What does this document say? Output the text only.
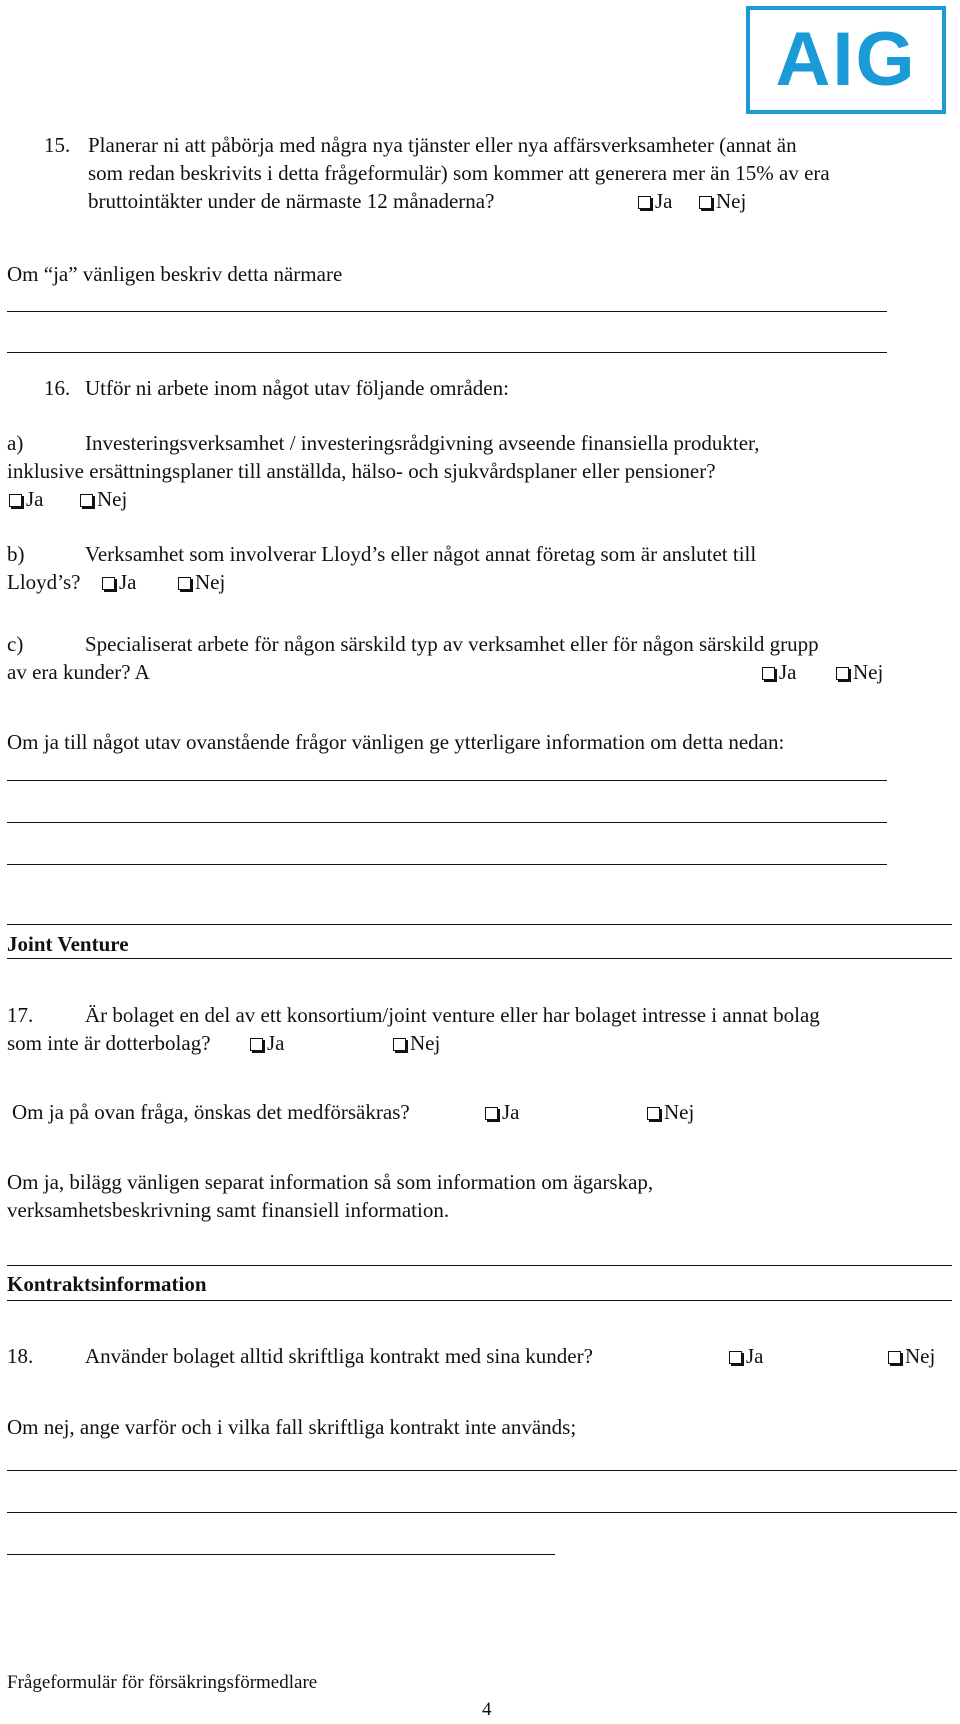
AIG
15. Planerar ni att påbörja med några nya tjänster eller nya affärsverksamheter (annat än
som redan beskrivits i detta frågeformulär) som kommer att generera mer än 15% av era
bruttointäkter under de närmaste 12 månaderna?	Ja	Nej
Om “ja” vänligen beskriv detta närmare
16. Utför ni arbete inom något utav följande områden:
a)	Investeringsverksamhet / investeringsrådgivning avseende finansiella produkter,
inklusive ersättningsplaner till anställda, hälso- och sjukvårdsplaner eller pensioner?
Ja	Nej
b)	Verksamhet som involverar Lloyd’s eller något annat företag som är anslutet till
Lloyd’s?	Ja	Nej
c)	Specialiserat arbete för någon särskild typ av verksamhet eller för någon särskild grupp
av era kunder? A	Ja	Nej
Om ja till något utav ovanstående frågor vänligen ge ytterligare information om detta nedan:
Joint Venture
17. Är bolaget en del av ett konsortium/joint venture eller har bolaget intresse i annat bolag
som inte är dotterbolag?	Ja	Nej
Om ja på ovan fråga, önskas det medförsäkras?	Ja	Nej
Om ja, bilägg vänligen separat information så som information om ägarskap,
verksamhetsbeskrivning samt finansiell information.
Kontraktsinformation
18. Använder bolaget alltid skriftliga kontrakt med sina kunder?	Ja	Nej
Om nej, ange varför och i vilka fall skriftliga kontrakt inte används;
Frågeformulär för försäkringsförmedlare
4
